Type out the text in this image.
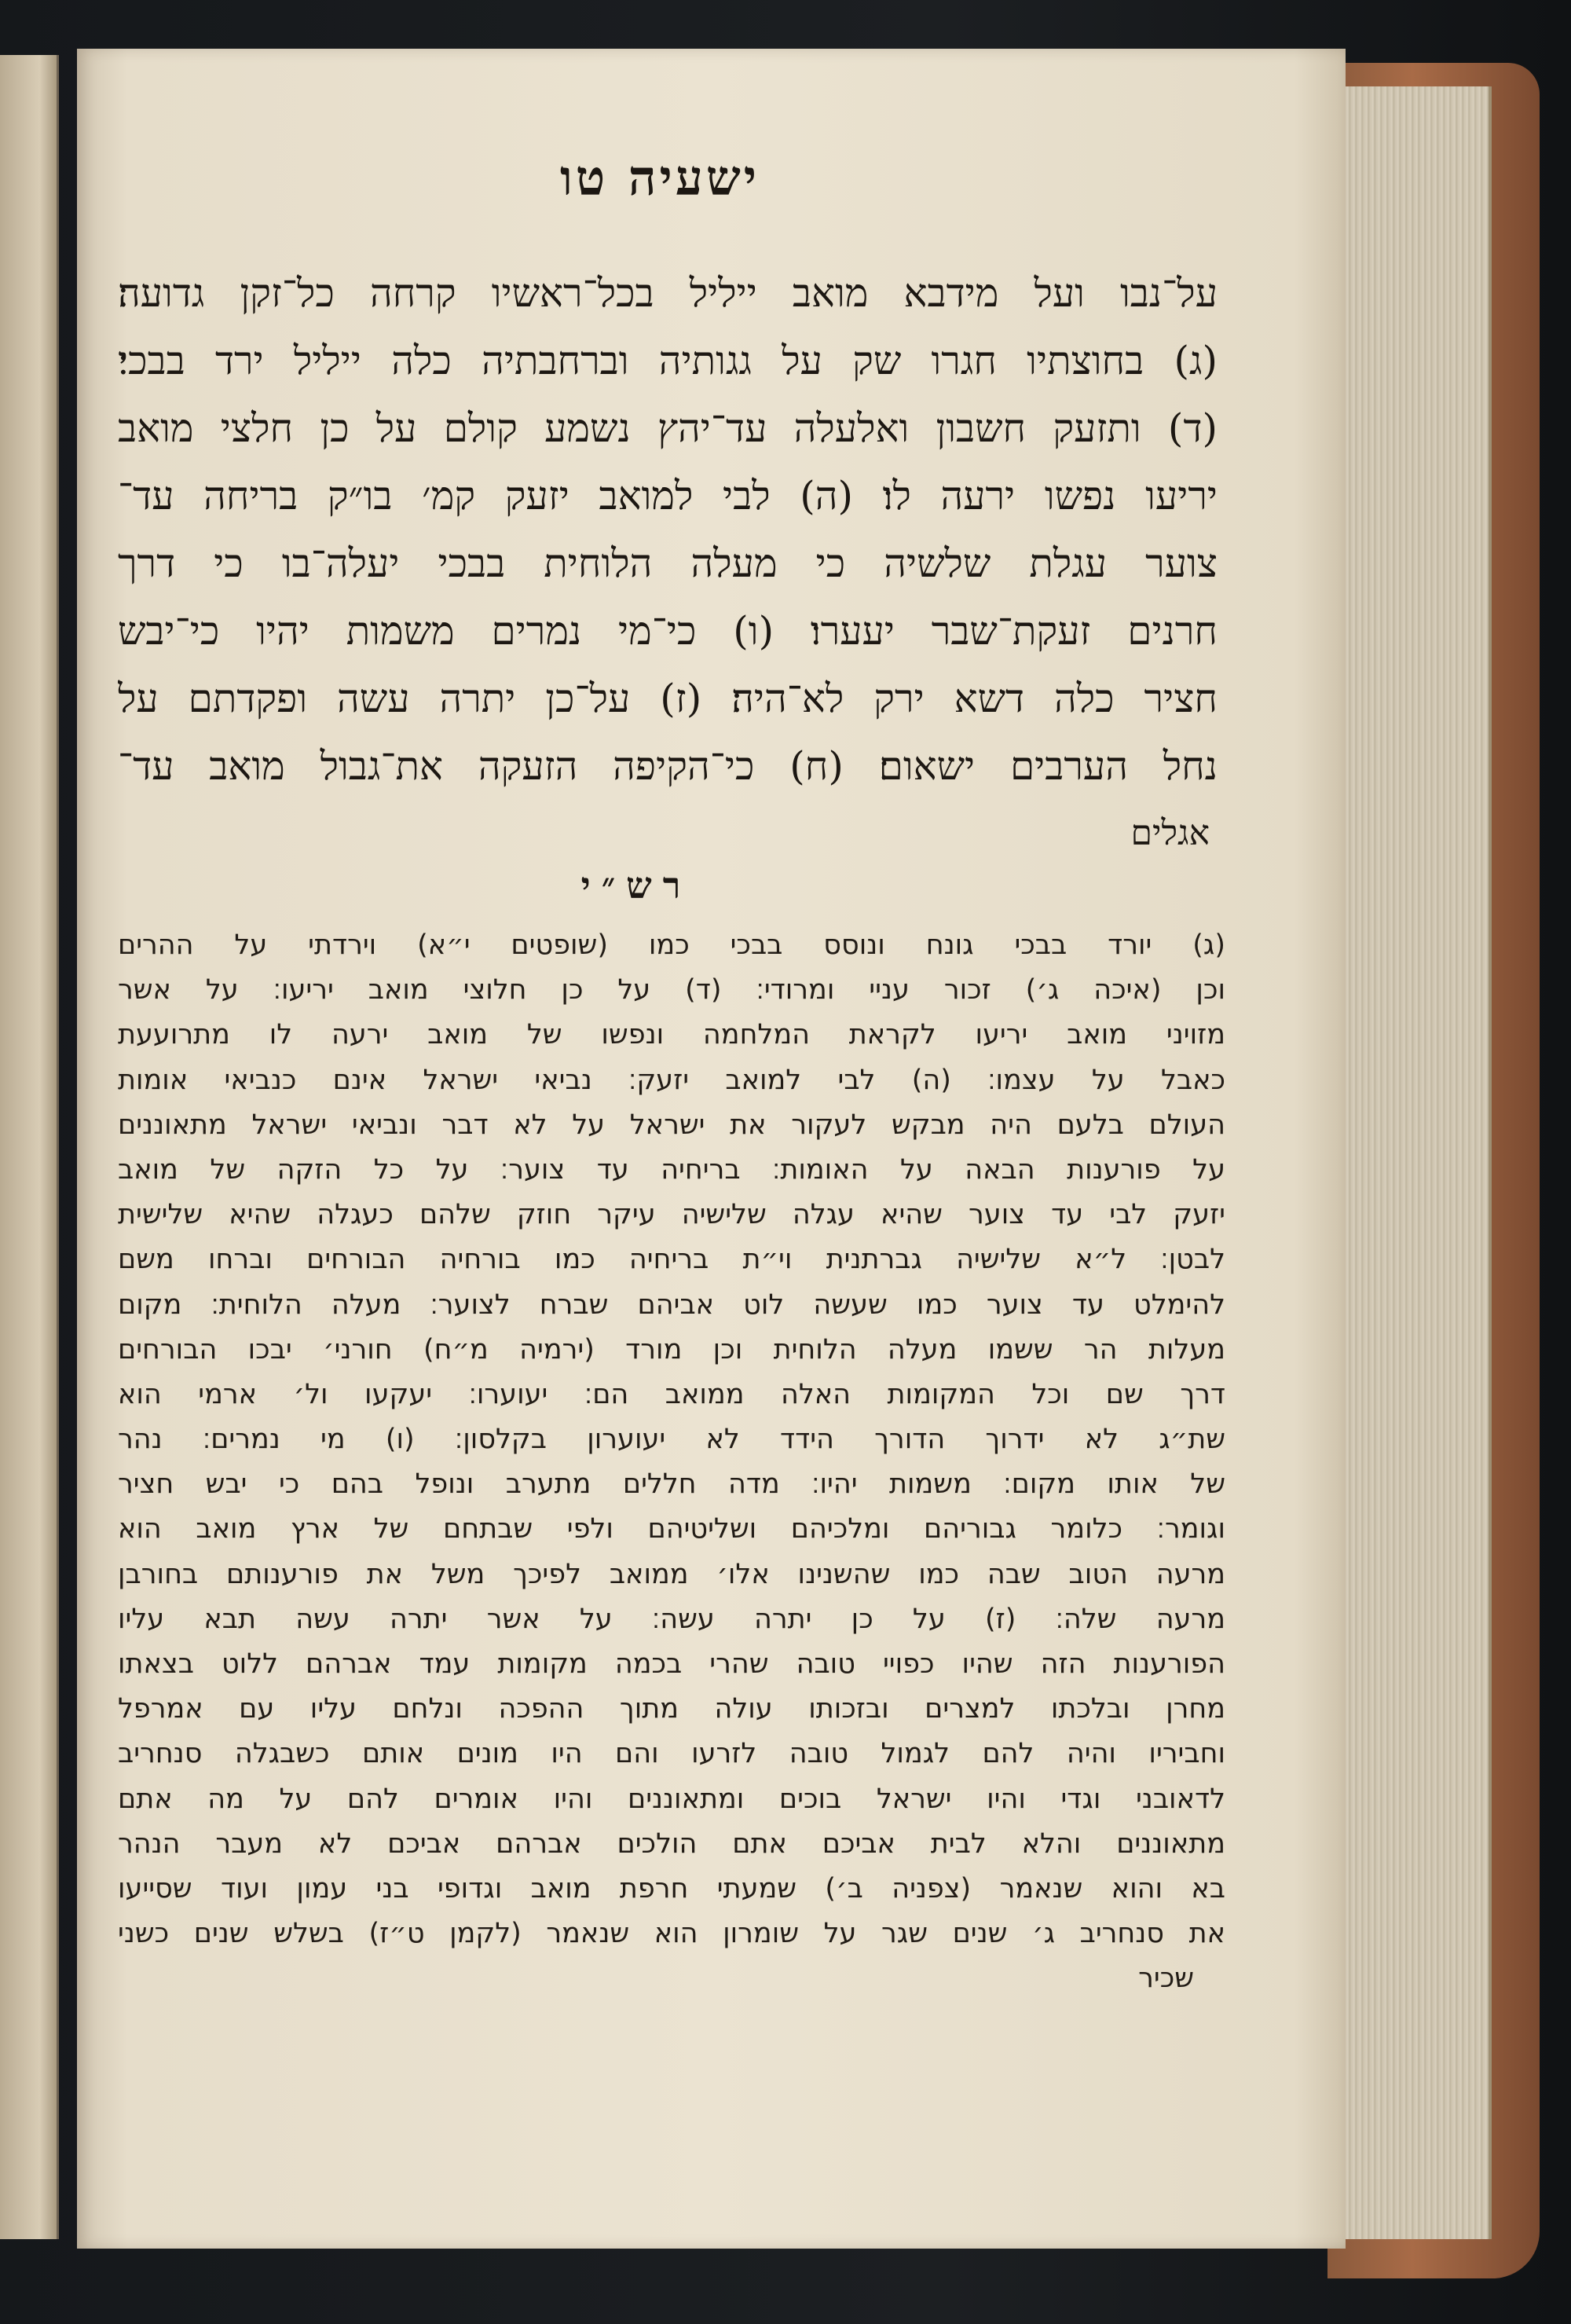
ישעיה טו
על־נבו ועל מידבא מואב ייליל בכל־ראשיו קרחה כל־זקן גדועה׃
(ג) בחוצתיו חגרו שק על גגותיה וברחבתיה כלה ייליל ירד בבכי׃
(ד) ותזעק חשבון ואלעלה עד־יהץ נשמע קולם על כן חלצי מואב
יריעו נפשו ירעה לו׃ (ה) לבי למואב יזעק קמ׳ בו״ק בריחה עד־
צוער עגלת שלשיה כי מעלה הלוחית בבכי יעלה־בו כי דרך
חרנים זעקת־שבר יעערו׃ (ו) כי־מי נמרים משמות יהיו כי־יבש
חציר כלה דשא ירק לא־היה׃ (ז) על־כן יתרה עשה ופקדתם על
נחל הערבים ישאום׃ (ח) כי־הקיפה הזעקה את־גבול מואב עד־
אגלים
רש״י
(ג) יורד בבכי גונח ונוסס בבכי כמו (שופטים י״א) וירדתי על ההרים
וכן (איכה ג׳) זכור עניי ומרודי׃ (ד) על כן חלוצי מואב יריעו׃ על אשר
מזויני מואב יריעו לקראת המלחמה ונפשו של מואב ירעה לו מתרועעת
כאבל על עצמו׃ (ה) לבי למואב יזעק׃ נביאי ישראל אינם כנביאי אומות
העולם בלעם היה מבקש לעקור את ישראל על לא דבר ונביאי ישראל מתאוננים
על פורענות הבאה על האומות׃ בריחיה עד צוער׃ על כל הזקה של מואב
יזעק לבי עד צוער שהיא עגלה שלישיה עיקר חוזק שלהם כעגלה שהיא שלישית
לבטן׃ ל״א שלישיה גברתנית וי״ת בריחיה כמו בורחיה הבורחים וברחו משם
להימלט עד צוער כמו שעשה לוט אביהם שברח לצוער׃ מעלה הלוחית׃ מקום
מעלות הר ששמו מעלה הלוחית וכן מורד (ירמיה מ״ח) חורני׳ יבכו הבורחים
דרך שם וכל המקומות האלה ממואב הם׃ יעוערו׃ יעקעו ול׳ ארמי הוא
שת״ג לא ידרוך הדורך הידד לא יעוערון בקלסון׃ (ו) מי נמרים׃ נהר
של אותו מקום׃ משמות יהיו׃ מדה חללים מתערב ונופל בהם כי יבש חציר
וגומר׃ כלומר גבוריהם ומלכיהם ושליטיהם ולפי שבתחם של ארץ מואב הוא
מרעה הטוב שבה כמו שהשנינו אלו׳ ממואב לפיכך משל את פורענותם בחורבן
מרעה שלה׃ (ז) על כן יתרה עשה׃ על אשר יתרה עשה תבא עליו
הפורענות הזה שהיו כפויי טובה שהרי בכמה מקומות עמד אברהם ללוט בצאתו
מחרן ובלכתו למצרים ובזכותו עולה מתוך ההפכה ונלחם עליו עם אמרפל
וחביריו והיה להם לגמול טובה לזרעו והם היו מונים אותם כשבגלה סנחריב
לדאובני וגדי והיו ישראל בוכים ומתאוננים והיו אומרים להם על מה אתם
מתאוננים והלא לבית אביכם אתם הולכים אברהם אביכם לא מעבר הנהר
בא והוא שנאמר (צפניה ב׳) שמעתי חרפת מואב וגדופי בני עמון ועוד שסייעו
את סנחריב ג׳ שנים שגר על שומרון הוא שנאמר (לקמן ט״ז) בשלש שנים כשני
שכיר
